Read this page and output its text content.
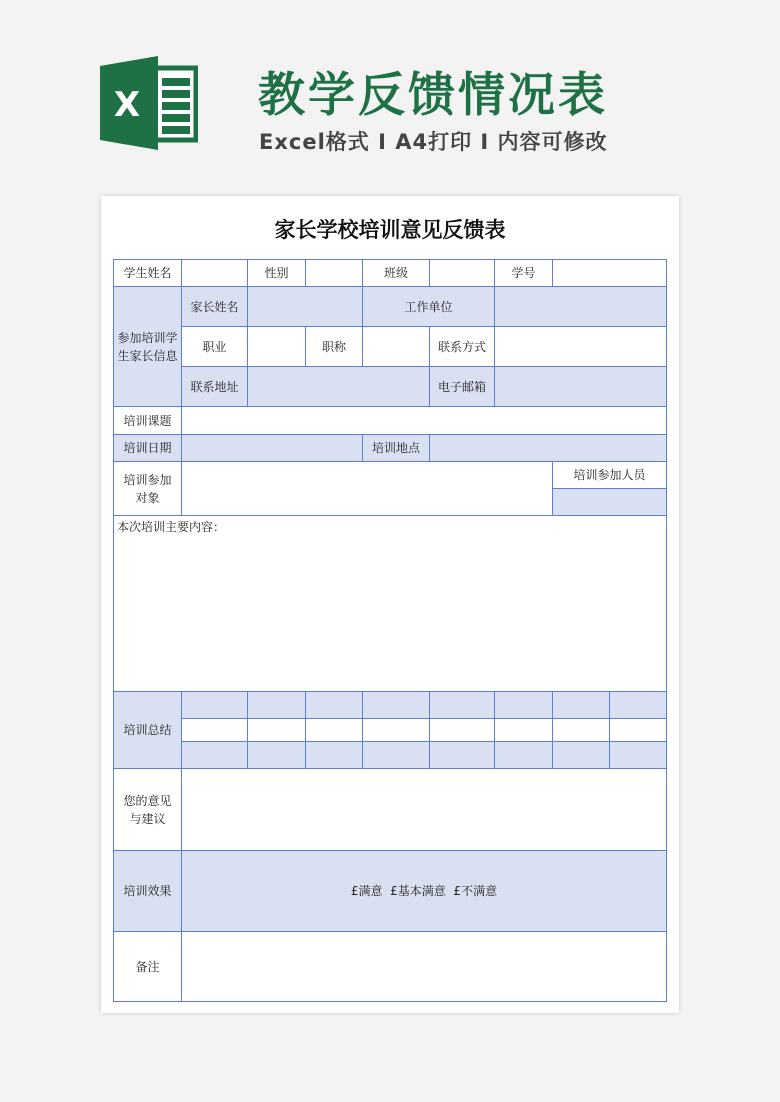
X	教学反馈情况表
Excel格式 I A4打印 I 内容可修改
家长学校培训意见反馈表
学生姓名		性别		班级		学号		
参加培训学生家长信息	家长姓名			工作单位				
	职业		职称		联系方式			
	联系地址				电子邮箱			
培训课题								
培训日期				培训地点				
培训参加对象							培训参加人员	

本次培训主要内容：								
培训总结								

您的意见与建议								
培训效果	£满意  £基本满意  £不满意							
备注								
